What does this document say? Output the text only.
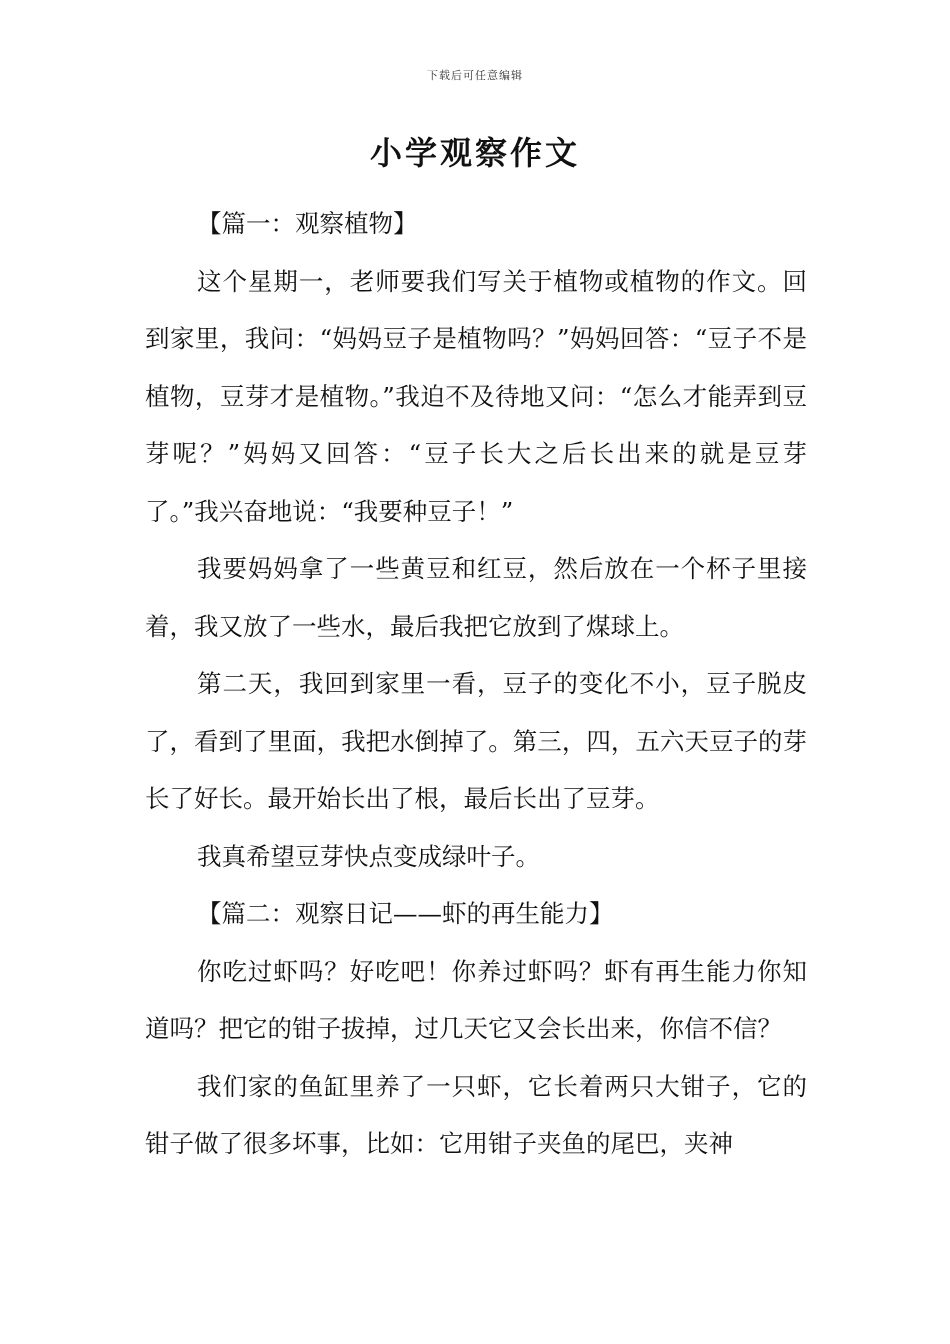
下载后可任意编辑
小学观察作文

【篇一：观察植物】

这个星期一，老师要我们写关于植物或植物的作文。回到家里，我问：“妈妈豆子是植物吗？”妈妈回答：“豆子不是植物，豆芽才是植物。”我迫不及待地又问：“怎么才能弄到豆芽呢？”妈妈又回答：“豆子长大之后长出来的就是豆芽了。”我兴奋地说：“我要种豆子！”

我要妈妈拿了一些黄豆和红豆，然后放在一个杯子里接着，我又放了一些水，最后我把它放到了煤球上。

第二天，我回到家里一看，豆子的变化不小，豆子脱皮了，看到了里面，我把水倒掉了。第三，四，五六天豆子的芽长了好长。最开始长出了根，最后长出了豆芽。

我真希望豆芽快点变成绿叶子。

【篇二：观察日记——虾的再生能力】

你吃过虾吗？好吃吧！你养过虾吗？虾有再生能力你知道吗？把它的钳子拔掉，过几天它又会长出来，你信不信？

我们家的鱼缸里养了一只虾，它长着两只大钳子，它的钳子做了很多坏事，比如：它用钳子夹鱼的尾巴，夹神
